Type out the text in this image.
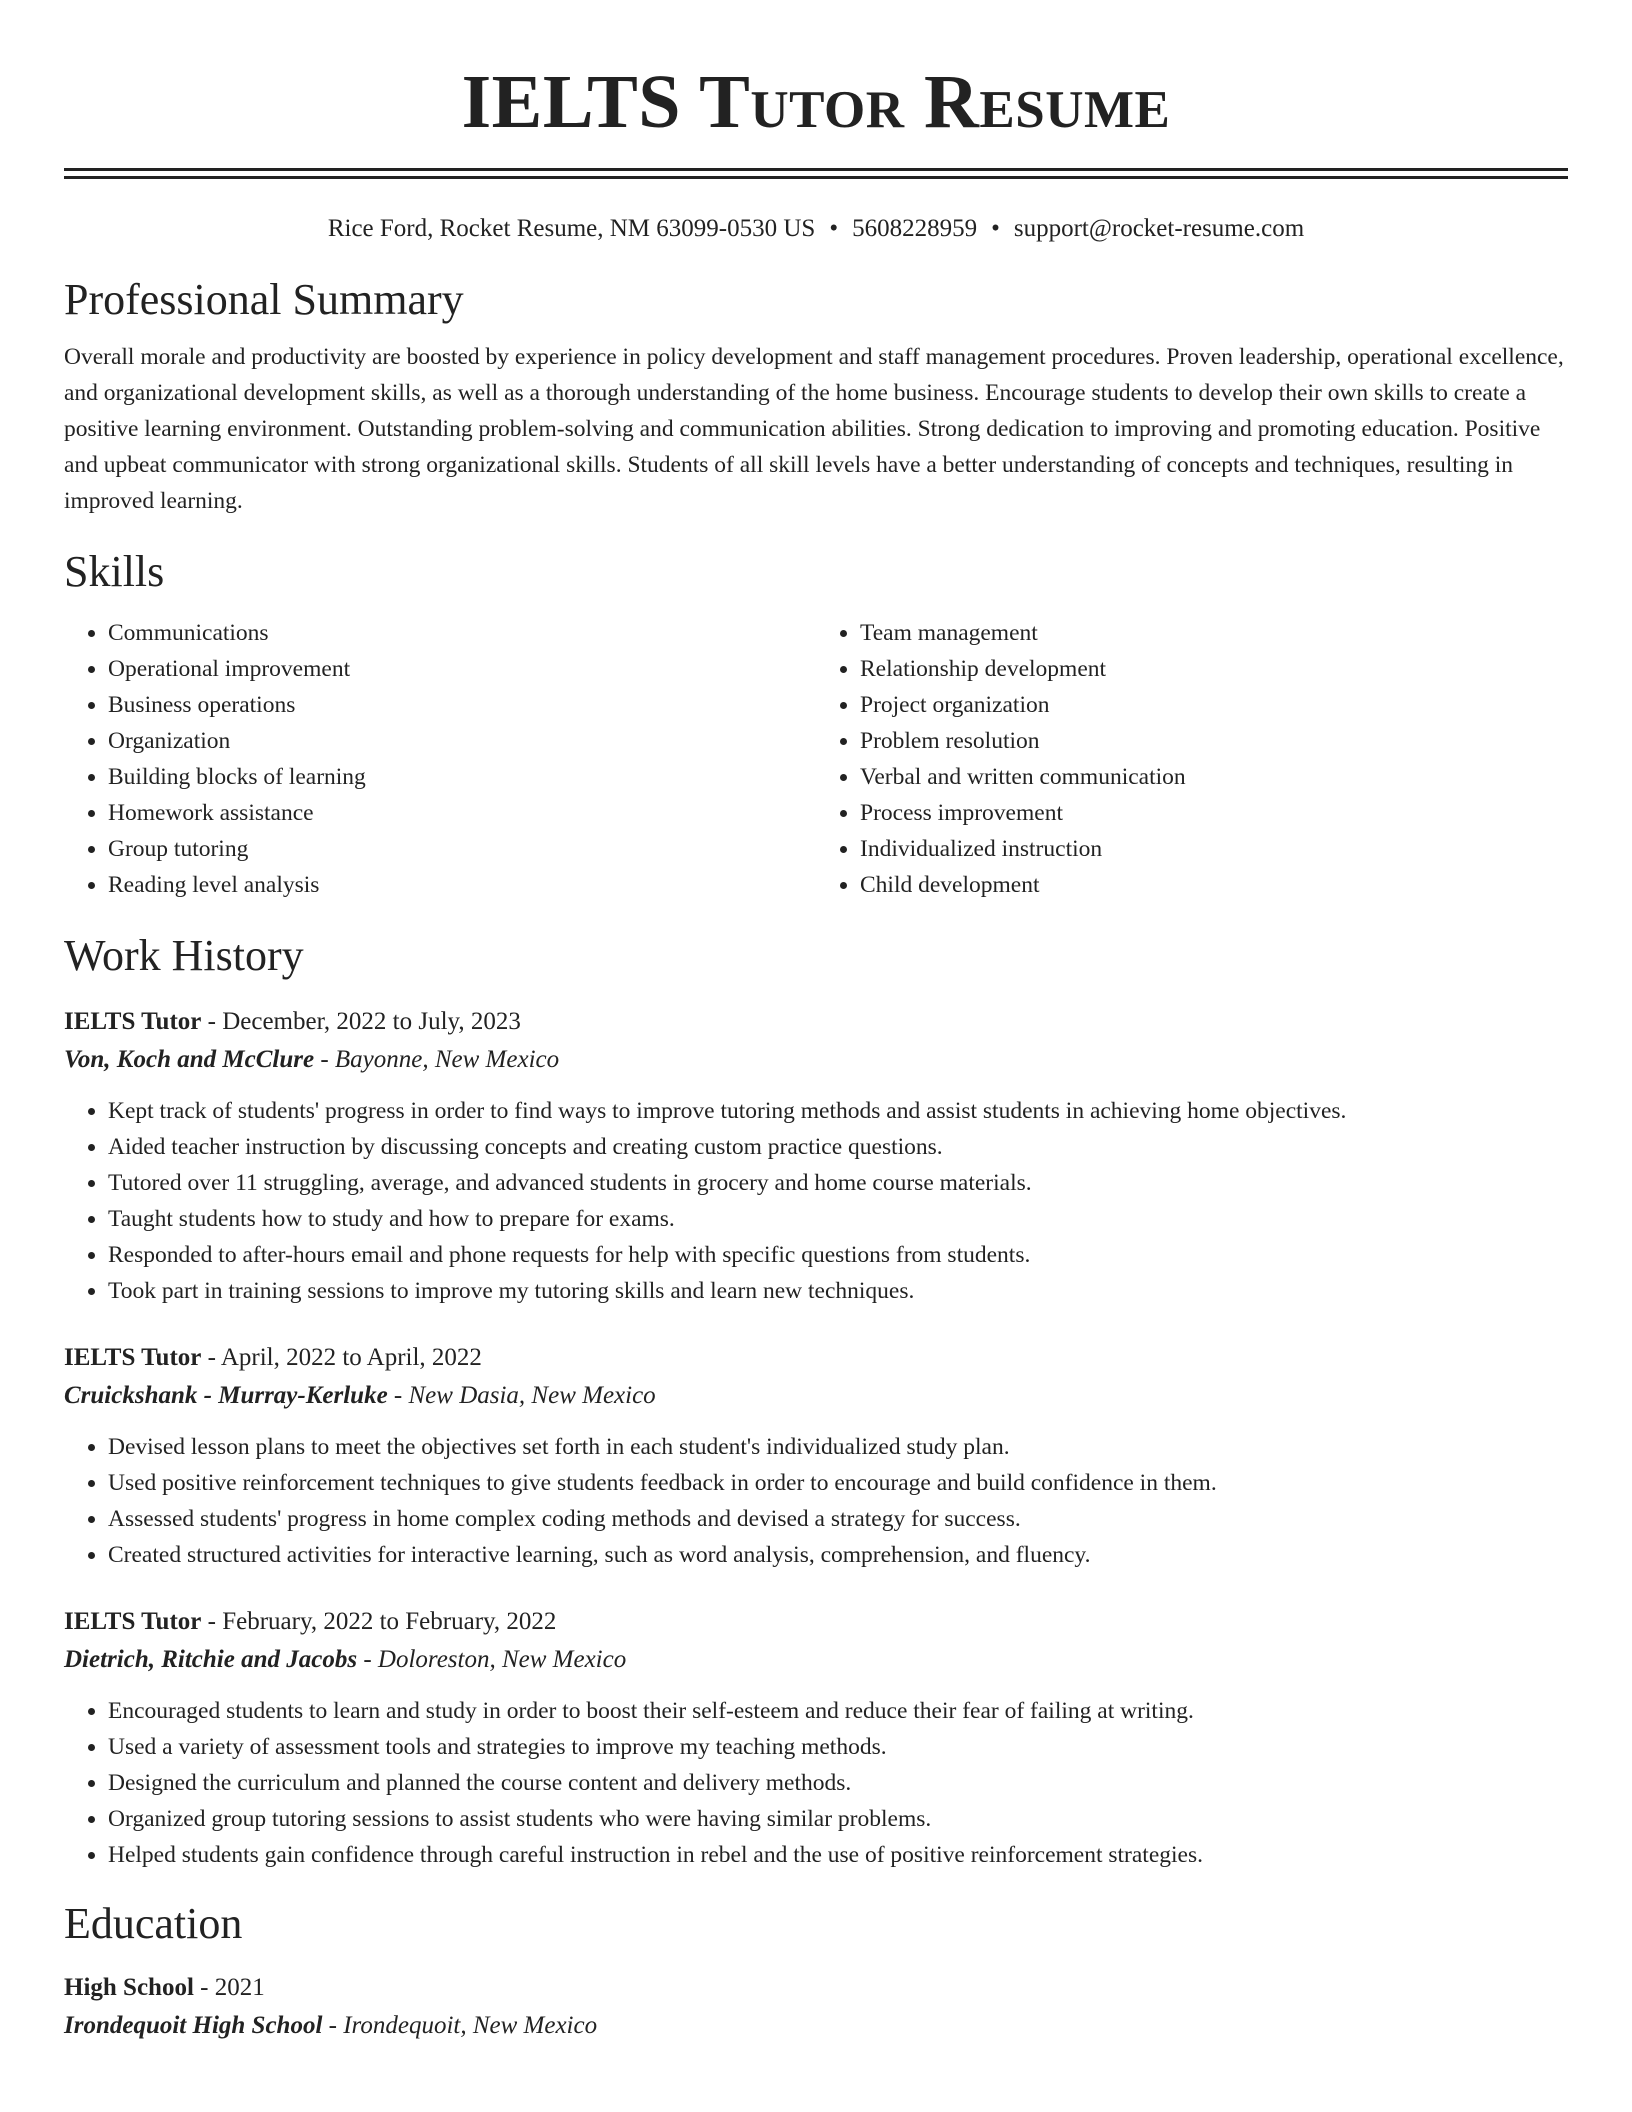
IELTS Tutor Resume
Rice Ford, Rocket Resume, NM 63099-0530 US • 5608228959 • support@rocket-resume.com
Professional Summary

Overall morale and productivity are boosted by experience in policy development and staff management procedures. Proven leadership, operational excellence, and organizational development skills, as well as a thorough understanding of the home business. Encourage students to develop their own skills to create a positive learning environment. Outstanding problem-solving and communication abilities. Strong dedication to improving and promoting education. Positive and upbeat communicator with strong organizational skills. Students of all skill levels have a better understanding of concepts and techniques, resulting in improved learning.

Skills
• Communications
• Operational improvement
• Business operations
• Organization
• Building blocks of learning
• Homework assistance
• Group tutoring
• Reading level analysis
• Team management
• Relationship development
• Project organization
• Problem resolution
• Verbal and written communication
• Process improvement
• Individualized instruction
• Child development
Work History
IELTS Tutor - December, 2022 to July, 2023
Von, Koch and McClure - Bayonne, New Mexico
• Kept track of students' progress in order to find ways to improve tutoring methods and assist students in achieving home objectives.
• Aided teacher instruction by discussing concepts and creating custom practice questions.
• Tutored over 11 struggling, average, and advanced students in grocery and home course materials.
• Taught students how to study and how to prepare for exams.
• Responded to after-hours email and phone requests for help with specific questions from students.
• Took part in training sessions to improve my tutoring skills and learn new techniques.
IELTS Tutor - April, 2022 to April, 2022
Cruickshank - Murray-Kerluke - New Dasia, New Mexico
• Devised lesson plans to meet the objectives set forth in each student's individualized study plan.
• Used positive reinforcement techniques to give students feedback in order to encourage and build confidence in them.
• Assessed students' progress in home complex coding methods and devised a strategy for success.
• Created structured activities for interactive learning, such as word analysis, comprehension, and fluency.
IELTS Tutor - February, 2022 to February, 2022
Dietrich, Ritchie and Jacobs - Doloreston, New Mexico
• Encouraged students to learn and study in order to boost their self-esteem and reduce their fear of failing at writing.
• Used a variety of assessment tools and strategies to improve my teaching methods.
• Designed the curriculum and planned the course content and delivery methods.
• Organized group tutoring sessions to assist students who were having similar problems.
• Helped students gain confidence through careful instruction in rebel and the use of positive reinforcement strategies.
Education
High School - 2021
Irondequoit High School - Irondequoit, New Mexico
